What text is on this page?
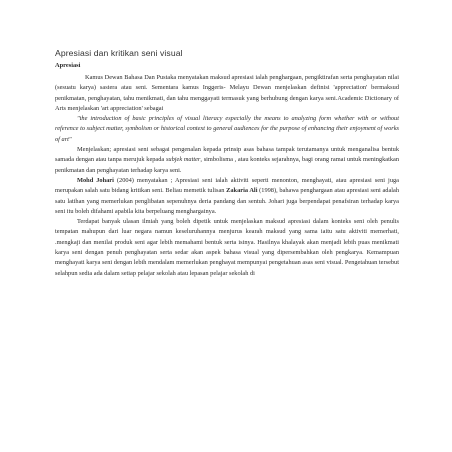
Apresiasi dan kritikan seni visual
Apresiasi

Kamus Dewan Bahasa Dan Pustaka menyatakan maksud apresiasi ialah penghargaan, pengiktirafan serta penghayatan nilai (sesuatu karya) sastera atau seni. Sementara kamus Inggeris- Melayu Dewan menjelaskan definisi 'appreciation' bermaksud penikmatan, penghayatan, tahu menikmati, dan tahu menggayati termasuk yang berhubung dengan karya seni.Academic Dictionary of Arts menjelaskan 'art appreciation' sebagai

"the introduction of basic principles of visual literacy especially the means to analyzing form whether with or without reference to subject matter, symbolism or historical context to general audiences for the purpose of enhancing their enjoyment of works of art"

Menjelaskan; apresiasi seni sebagai pengenalan kepada prinsip asas bahasa tampak terutamanya untuk menganalisa bentuk samada dengan atau tanpa merujuk kepada subjek matter, simbolisma , atau konteks sejarahnya, bagi orang ramai untuk meningkatkan penikmatan dan penghayatan terhadap karya seni.

Mohd Johari (2004) menyatakan ; Apresiasi seni ialah aktiviti seperti menonton, menghayati, atau apresiasi seni juga merupakan salah satu bidang kritikan seni. Beliau memetik tulisan Zakaria Ali (1998), bahawa penghargaan atau apresiasi seni adalah satu latihan yang memerlukan penglibatan sepenuhnya deria pandang dan sentuh. Johari juga berpendapat penafsiran terhadap karya seni itu boleh difahami apabila kita berpeluang menghargainya.

Terdapat banyak ulasan ilmiah yang boleh dipetik untuk menjelaskan maksud apresiasi dalam konteks seni oleh penulis tempatan mahupun dari luar negara namun keseluruhannya menjurus kearah maksud yang sama iaitu satu aktiviti memerhati, .mengkaji dan menilai produk seni agar lebih memahami bentuk serta isinya. Hasilnya khalayak akan menjadi lebih puas menikmati karya seni dengan penuh penghayatan serta sedar akan aspek bahasa visual yang dipersembahkan oleh pengkarya. Kemampuan menghayati karya seni dengan lebih mendalam memerlukan penghayat mempunyai pengetahuan asas seni visual. Pengetahuan tersebut selahpun sedia ada dalam setiap pelajar sekolah atau lepasan pelajar sekolah di
